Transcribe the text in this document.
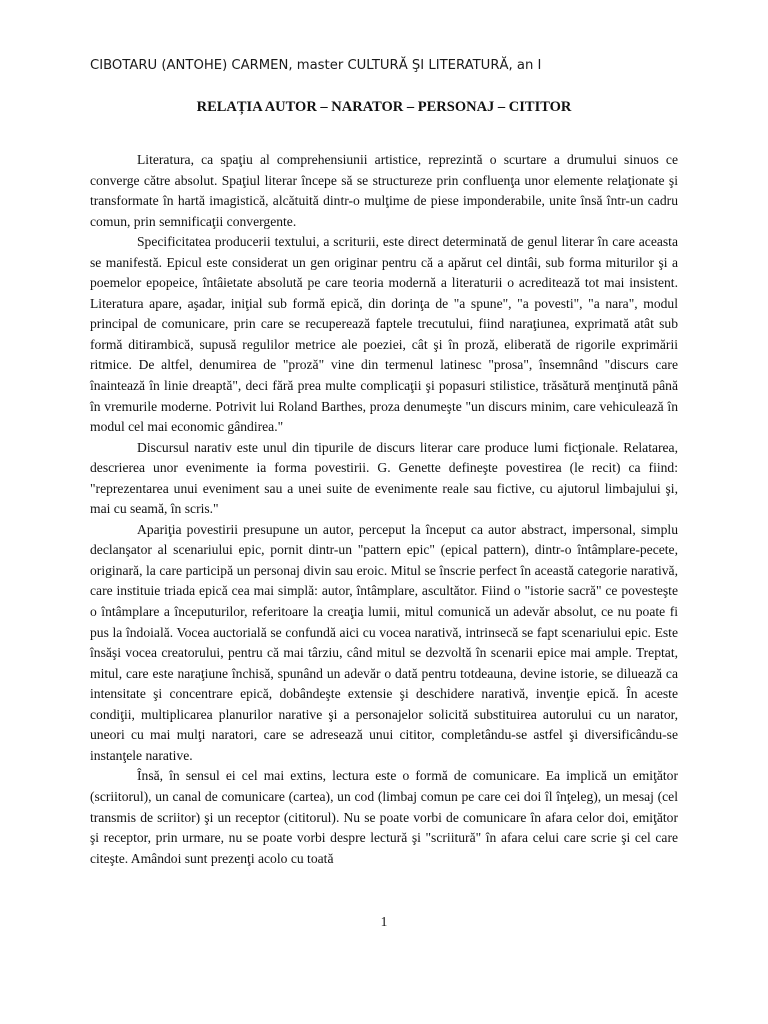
CIBOTARU (ANTOHE) CARMEN, master CULTURĂ ŞI LITERATURĂ, an I
RELAȚIA AUTOR – NARATOR – PERSONAJ – CITITOR

Literatura, ca spaţiu al comprehensiunii artistice, reprezintă o scurtare a drumului sinuos ce converge către absolut. Spaţiul literar începe să se structureze prin confluenţa unor elemente relaţionate şi transformate în hartă imagistică, alcătuită dintr-o mulţime de piese imponderabile, unite însă într-un cadru comun, prin semnificaţii convergente.

Specificitatea producerii textului, a scriturii, este direct determinată de genul literar în care aceasta se manifestă. Epicul este considerat un gen originar pentru că a apărut cel dintâi, sub forma miturilor şi a poemelor epopeice, întâietate absolută pe care teoria modernă a literaturii o acreditează tot mai insistent. Literatura apare, aşadar, iniţial sub formă epică, din dorinţa de "a spune", "a povesti", "a nara", modul principal de comunicare, prin care se recuperează faptele trecutului, fiind naraţiunea, exprimată atât sub formă ditirambică, supusă regulilor metrice ale poeziei, cât şi în proză, eliberată de rigorile exprimării ritmice. De altfel, denumirea de "proză" vine din termenul latinesc "prosa", însemnând "discurs care înaintează în linie dreaptă", deci fără prea multe complicaţii şi popasuri stilistice, trăsătură menţinută până în vremurile moderne. Potrivit lui Roland Barthes, proza denumeşte "un discurs minim, care vehiculează în modul cel mai economic gândirea."

Discursul narativ este unul din tipurile de discurs literar care produce lumi ficţionale. Relatarea, descrierea unor evenimente ia forma povestirii. G. Genette defineşte povestirea (le recit) ca fiind: "reprezentarea unui eveniment sau a unei suite de evenimente reale sau fictive, cu ajutorul limbajului şi, mai cu seamă, în scris."

Apariţia povestirii presupune un autor, perceput la început ca autor abstract, impersonal, simplu declanşator al scenariului epic, pornit dintr-un "pattern epic" (epical pattern), dintr-o întâmplare-pecete, originară, la care participă un personaj divin sau eroic. Mitul se înscrie perfect în această categorie narativă, care instituie triada epică cea mai simplă: autor, întâmplare, ascultător. Fiind o "istorie sacră" ce povesteşte o întâmplare a începuturilor, referitoare la creaţia lumii, mitul comunică un adevăr absolut, ce nu poate fi pus la îndoială. Vocea auctorială se confundă aici cu vocea narativă, intrinsecă se fapt scenariului epic. Este însăşi vocea creatorului, pentru că mai târziu, când mitul se dezvoltă în scenarii epice mai ample. Treptat, mitul, care este naraţiune închisă, spunând un adevăr o dată pentru totdeauna, devine istorie, se diluează ca intensitate şi concentrare epică, dobândeşte extensie şi deschidere narativă, invenţie epică. În aceste condiţii, multiplicarea planurilor narative şi a personajelor solicită substituirea autorului cu un narator, uneori cu mai mulţi naratori, care se adresează unui cititor, completându-se astfel şi diversificându-se instanţele narative.

Însă, în sensul ei cel mai extins, lectura este o formă de comunicare. Ea implică un emiţător (scriitorul), un canal de comunicare (cartea), un cod (limbaj comun pe care cei doi îl înţeleg), un mesaj (cel transmis de scriitor) şi un receptor (cititorul). Nu se poate vorbi de comunicare în afara celor doi, emiţător şi receptor, prin urmare, nu se poate vorbi despre lectură şi "scriitură" în afara celui care scrie şi cel care citeşte. Amândoi sunt prezenţi acolo cu toată

1
